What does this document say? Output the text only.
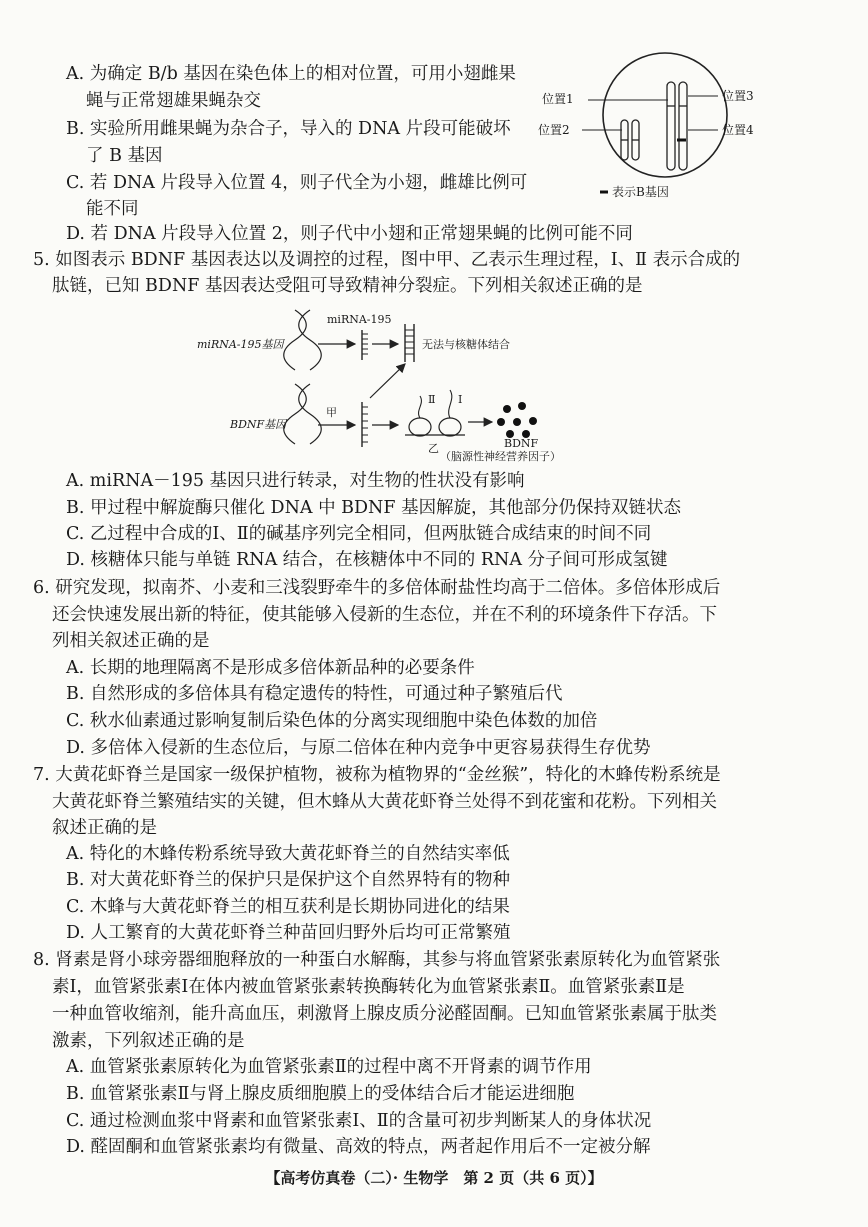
A. 为确定 B/b 基因在染色体上的相对位置，可用小翅雌果
蝇与正常翅雄果蝇杂交
B. 实验所用雌果蝇为杂合子，导入的 DNA 片段可能破坏
了 B 基因
C. 若 DNA 片段导入位置 4，则子代全为小翅，雌雄比例可
能不同
D. 若 DNA 片段导入位置 2，则子代中小翅和正常翅果蝇的比例可能不同
位置1
位置2
位置3
位置4
表示B基因
5. 如图表示 BDNF 基因表达以及调控的过程，图中甲、乙表示生理过程，Ⅰ、Ⅱ 表示合成的
肽链，已知 BDNF 基因表达受阻可导致精神分裂症。下列相关叙述正确的是
miRNA-195基因
miRNA-195
无法与核糖体结合
BDNF基因
甲
乙
Ⅱ Ⅰ
BDNF
（脑源性神经营养因子）
A. miRNA－195 基因只进行转录，对生物的性状没有影响
B. 甲过程中解旋酶只催化 DNA 中 BDNF 基因解旋，其他部分仍保持双链状态
C. 乙过程中合成的Ⅰ、Ⅱ的碱基序列完全相同，但两肽链合成结束的时间不同
D. 核糖体只能与单链 RNA 结合，在核糖体中不同的 RNA 分子间可形成氢键
6. 研究发现，拟南芥、小麦和三浅裂野牵牛的多倍体耐盐性均高于二倍体。多倍体形成后
还会快速发展出新的特征，使其能够入侵新的生态位，并在不利的环境条件下存活。下
列相关叙述正确的是
A. 长期的地理隔离不是形成多倍体新品种的必要条件
B. 自然形成的多倍体具有稳定遗传的特性，可通过种子繁殖后代
C. 秋水仙素通过影响复制后染色体的分离实现细胞中染色体数的加倍
D. 多倍体入侵新的生态位后，与原二倍体在种内竞争中更容易获得生存优势
7. 大黄花虾脊兰是国家一级保护植物，被称为植物界的“金丝猴”，特化的木蜂传粉系统是
大黄花虾脊兰繁殖结实的关键，但木蜂从大黄花虾脊兰处得不到花蜜和花粉。下列相关
叙述正确的是
A. 特化的木蜂传粉系统导致大黄花虾脊兰的自然结实率低
B. 对大黄花虾脊兰的保护只是保护这个自然界特有的物种
C. 木蜂与大黄花虾脊兰的相互获利是长期协同进化的结果
D. 人工繁育的大黄花虾脊兰种苗回归野外后均可正常繁殖
8. 肾素是肾小球旁器细胞释放的一种蛋白水解酶，其参与将血管紧张素原转化为血管紧张
素Ⅰ，血管紧张素Ⅰ在体内被血管紧张素转换酶转化为血管紧张素Ⅱ。血管紧张素Ⅱ是
一种血管收缩剂，能升高血压，刺激肾上腺皮质分泌醛固酮。已知血管紧张素属于肽类
激素，下列叙述正确的是
A. 血管紧张素原转化为血管紧张素Ⅱ的过程中离不开肾素的调节作用
B. 血管紧张素Ⅱ与肾上腺皮质细胞膜上的受体结合后才能运进细胞
C. 通过检测血浆中肾素和血管紧张素Ⅰ、Ⅱ的含量可初步判断某人的身体状况
D. 醛固酮和血管紧张素均有微量、高效的特点，两者起作用后不一定被分解
【高考仿真卷（二）· 生物学　第 2 页（共 6 页）】
